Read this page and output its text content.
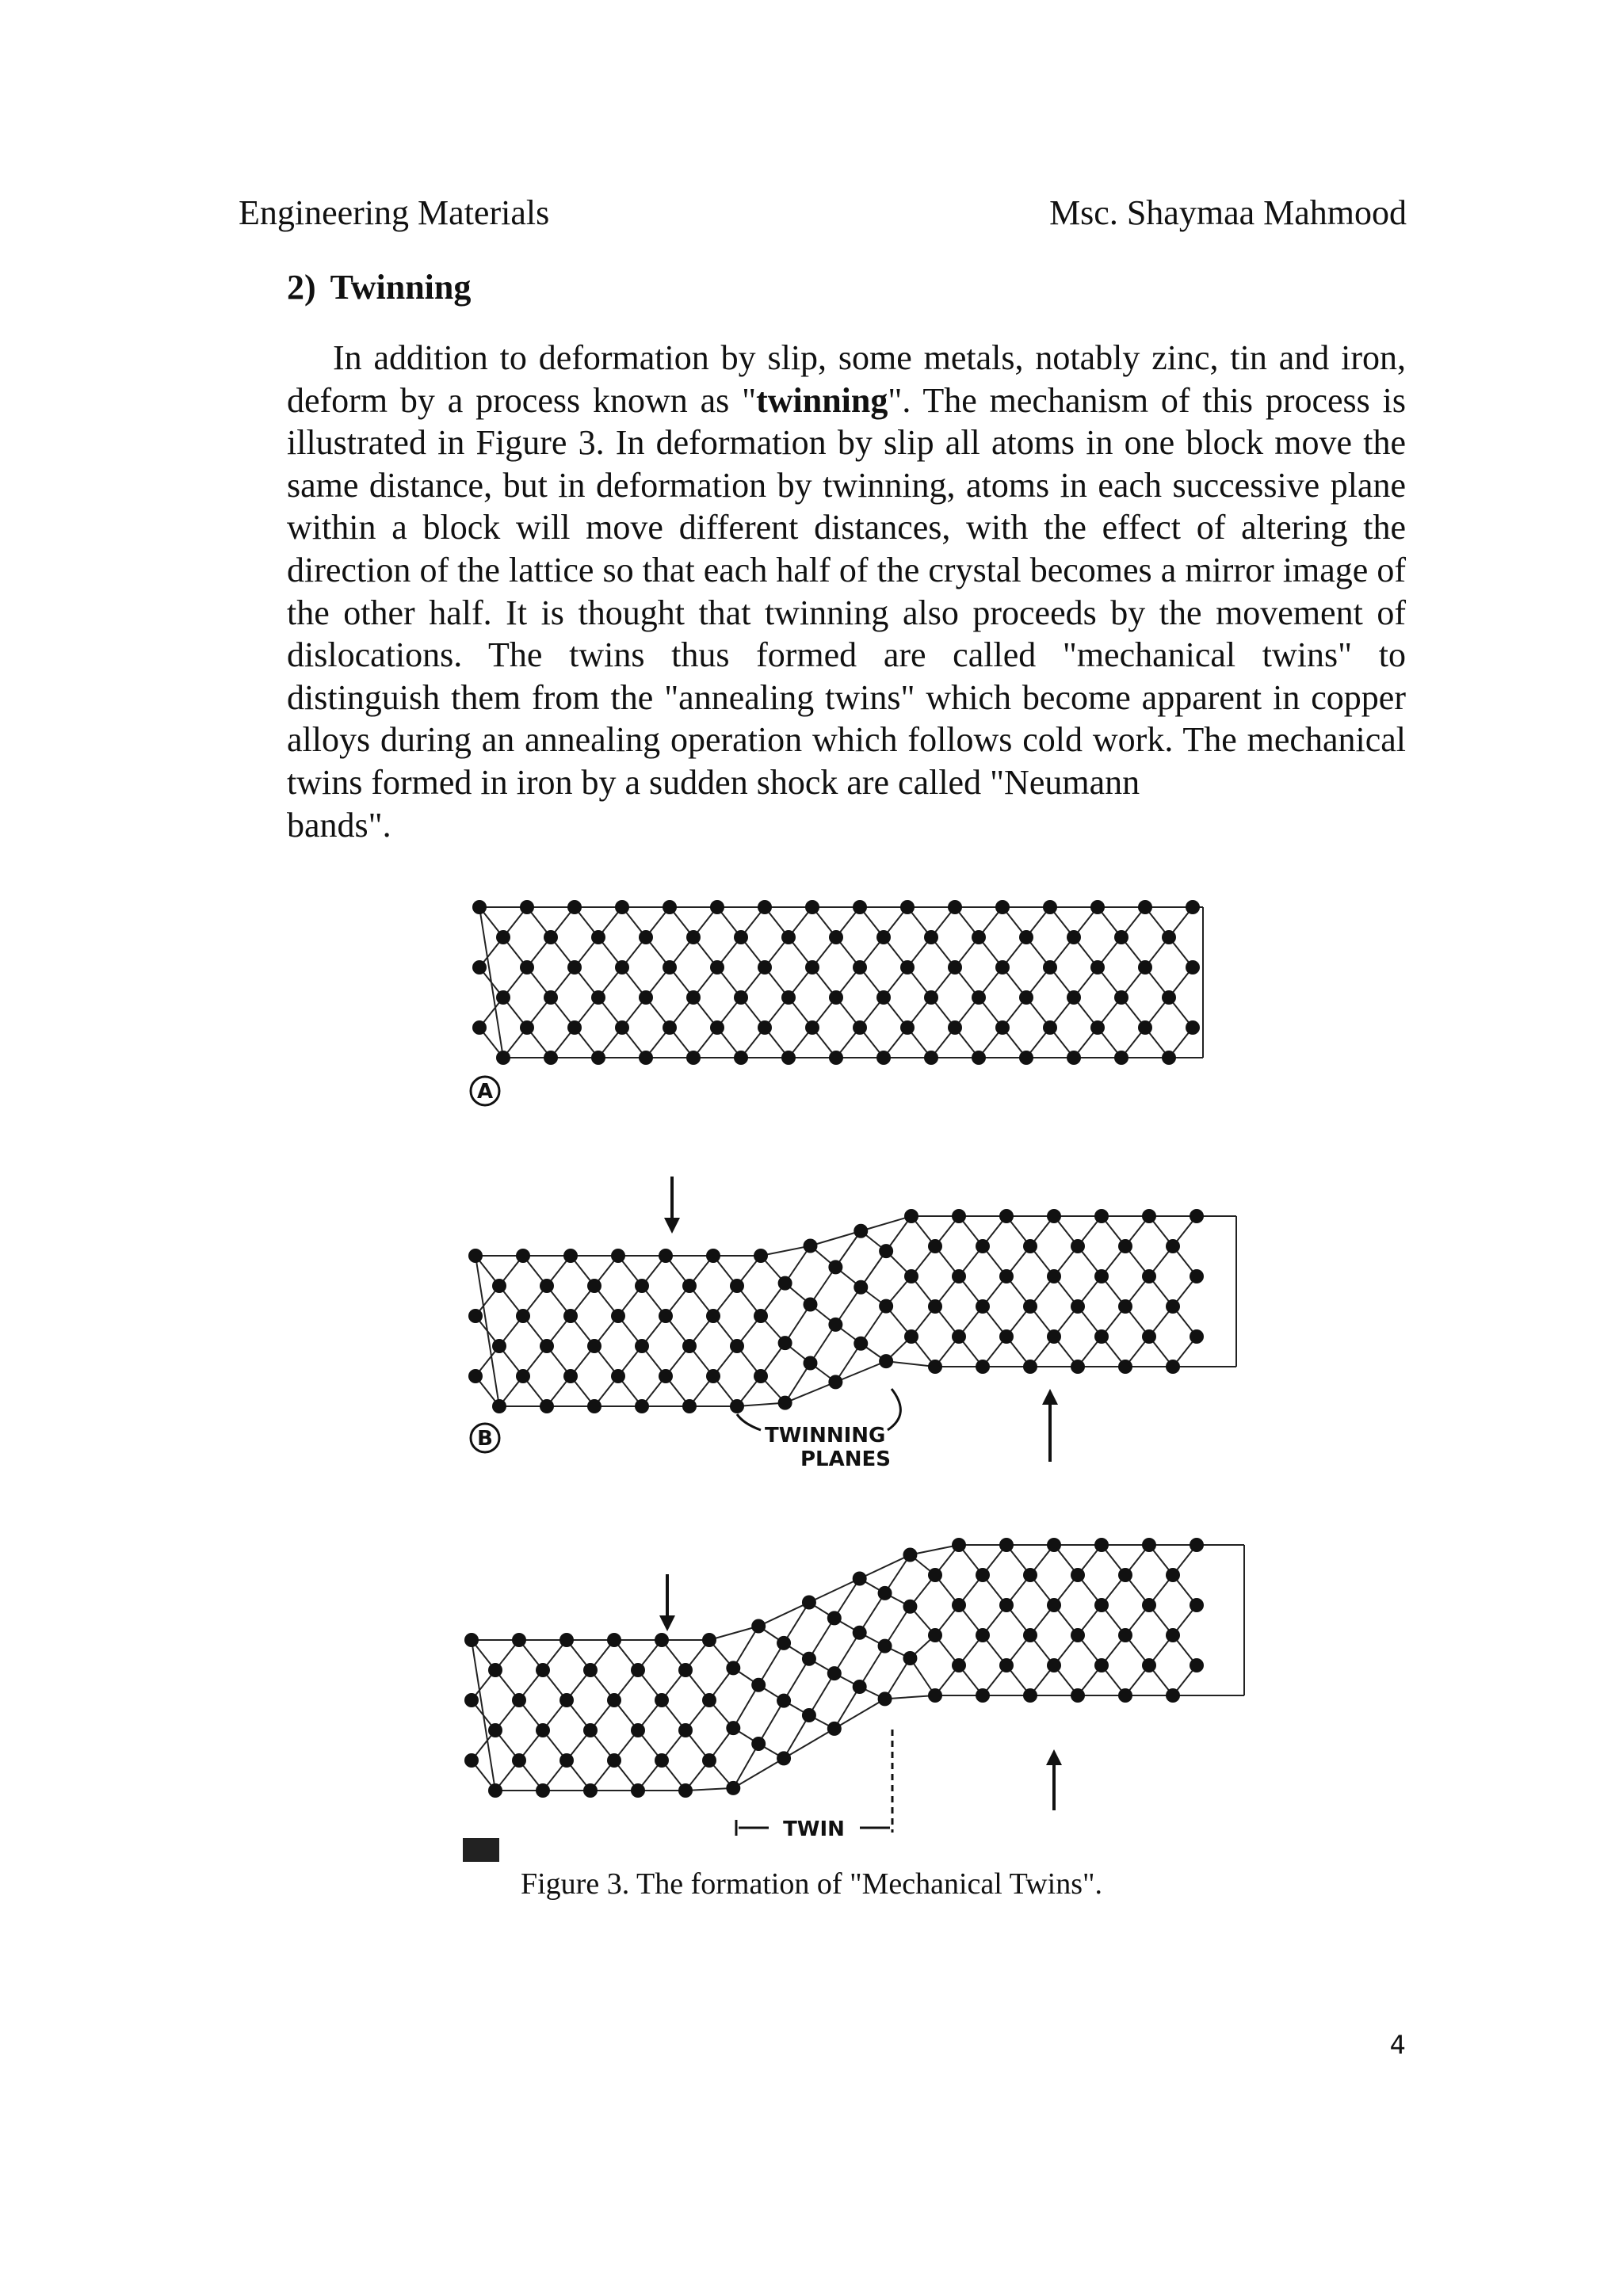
Engineering Materials	Msc. Shaymaa Mahmood
2) Twinning
In addition to deformation by slip, some metals, notably zinc, tin and iron, deform by a process known as "twinning". The mechanism of this process is illustrated in Figure 3. In deformation by slip all atoms in one block move the same distance, but in deformation by twinning, atoms in each successive plane within a block will move different distances, with the effect of altering the direction of the lattice so that each half of the crystal becomes a mirror image of the other half. It is thought that twinning also proceeds by the movement of dislocations. The twins thus formed are called "mechanical twins" to distinguish them from the "annealing twins" which become apparent in copper alloys during an annealing operation which follows cold work. The mechanical twins formed in iron by a sudden shock are called "Neumann
bands".
A
B	TWINNING
PLANES
TWIN
Figure 3. The formation of "Mechanical Twins".
4
